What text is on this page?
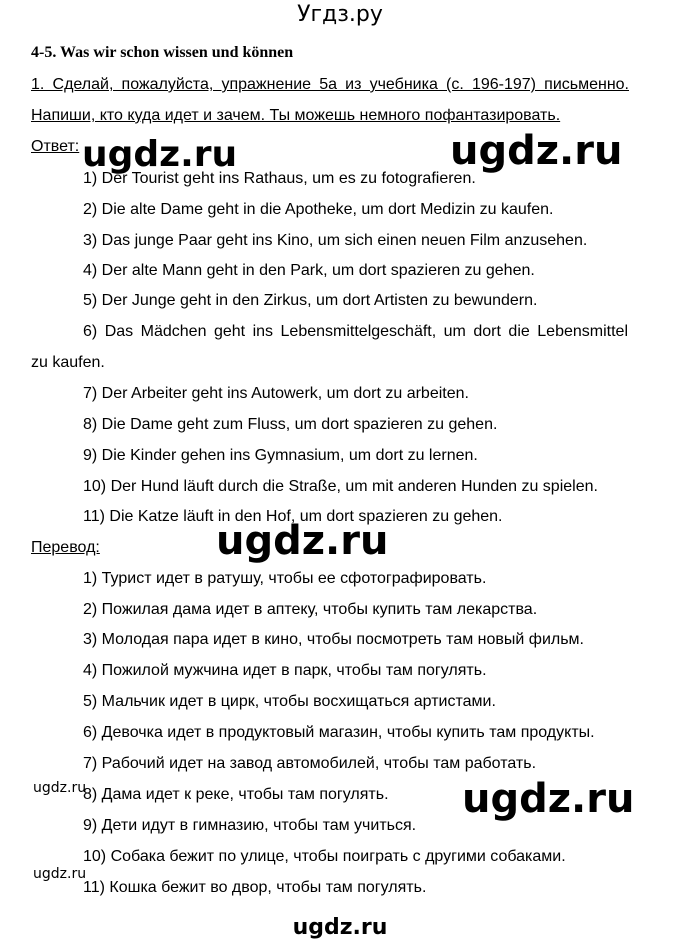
Угдз.ру
4-5. Was wir schon wissen und können
1. Сделай, пожалуйста, упражнение 5а из учебника (с. 196-197) письменно.
Напиши, кто куда идет и зачем. Ты можешь немного пофантазировать.
Ответ:
1) Der Tourist geht ins Rathaus, um es zu fotografieren.
2) Die alte Dame geht in die Apotheke, um dort Medizin zu kaufen.
3) Das junge Paar geht ins Kino, um sich einen neuen Film anzusehen.
4) Der alte Mann geht in den Park, um dort spazieren zu gehen.
5) Der Junge geht in den Zirkus, um dort Artisten zu bewundern.
6) Das Mädchen geht ins Lebensmittelgeschäft, um dort die Lebensmittel
zu kaufen.
7) Der Arbeiter geht ins Autowerk, um dort zu arbeiten.
8) Die Dame geht zum Fluss, um dort spazieren zu gehen.
9) Die Kinder gehen ins Gymnasium, um dort zu lernen.
10) Der Hund läuft durch die Straße, um mit anderen Hunden zu spielen.
11) Die Katze läuft in den Hof, um dort spazieren zu gehen.
Перевод:
1) Турист идет в ратушу, чтобы ее сфотографировать.
2) Пожилая дама идет в аптеку, чтобы купить там лекарства.
3) Молодая пара идет в кино, чтобы посмотреть там новый фильм.
4) Пожилой мужчина идет в парк, чтобы там погулять.
5) Мальчик идет в цирк, чтобы восхищаться артистами.
6) Девочка идет в продуктовый магазин, чтобы купить там продукты.
7) Рабочий идет на завод автомобилей, чтобы там работать.
8) Дама идет к реке, чтобы там погулять.
9) Дети идут в гимназию, чтобы там учиться.
10) Собака бежит по улице, чтобы поиграть с другими собаками.
11) Кошка бежит во двор, чтобы там погулять.
ugdz.ru	ugdz.ru
ugdz.ru
ugdz.ru	ugdz.ru
ugdz.ru
ugdz.ru
